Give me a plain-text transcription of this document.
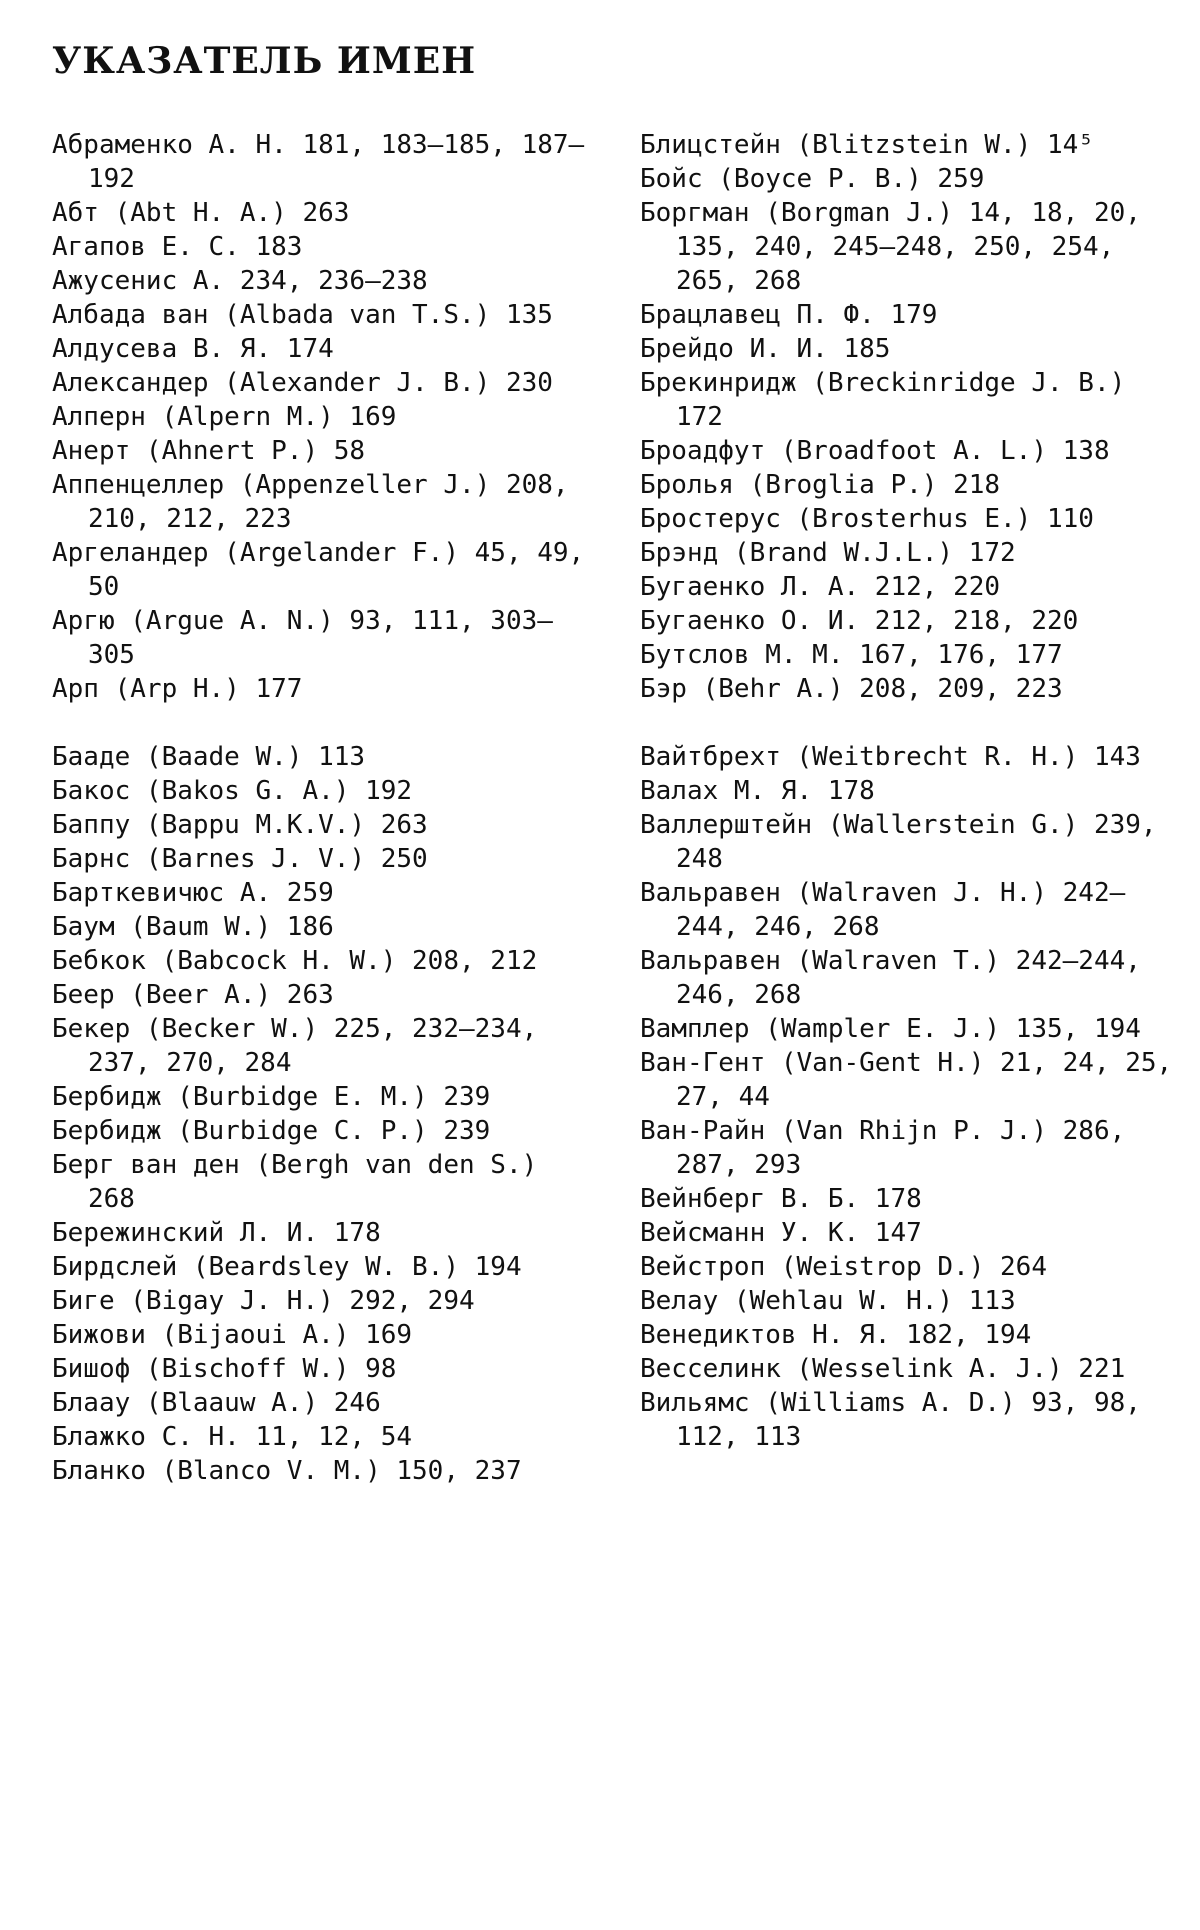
УКАЗАТЕЛЬ ИМЕН
Абраменко А. Н. 181, 183—185, 187—192
Абт (Abt H. A.) 263
Агапов Е. С. 183
Ажусенис А. 234, 236—238
Албада ван (Albada van T.S.) 135
Алдусева В. Я. 174
Александер (Alexander J. B.) 230
Алперн (Alpern M.) 169
Анерт (Ahnert P.) 58
Аппенцеллер (Appenzeller J.) 208, 210, 212, 223
Аргеландер (Argelander F.) 45, 49, 50
Аргю (Argue A. N.) 93, 111, 303—305
Арп (Arp H.) 177
Бааде (Baade W.) 113
Бакос (Bakos G. A.) 192
Баппу (Bappu M.K.V.) 263
Барнс (Barnes J. V.) 250
Барткевичюс А. 259
Баум (Baum W.) 186
Бебкок (Babcock H. W.) 208, 212
Беер (Beer A.) 263
Бекер (Becker W.) 225, 232—234, 237, 270, 284
Бербидж (Burbidge E. M.) 239
Бербидж (Burbidge C. P.) 239
Берг ван ден (Bergh van den S.) 268
Бережинский Л. И. 178
Бирдслей (Beardsley W. B.) 194
Биге (Bigay J. H.) 292, 294
Бижови (Bijaoui A.) 169
Бишоф (Bischoff W.) 98
Блаау (Blaauw A.) 246
Блажко С. Н. 11, 12, 54
Бланко (Blanco V. M.) 150, 237
Блицстейн (Blitzstein W.) 14⁵
Бойс (Boyce P. B.) 259
Боргман (Borgman J.) 14, 18, 20, 135, 240, 245—248, 250, 254, 265, 268
Брацлавец П. Ф. 179
Брейдо И. И. 185
Брекинридж (Breckinridge J. B.) 172
Броадфут (Broadfoot A. L.) 138
Бролья (Broglia P.) 218
Бростерус (Brosterhus E.) 110
Брэнд (Brand W.J.L.) 172
Бугаенко Л. А. 212, 220
Бугаенко О. И. 212, 218, 220
Бутслов М. М. 167, 176, 177
Бэр (Behr A.) 208, 209, 223
Вайтбрехт (Weitbrecht R. H.) 143
Валах М. Я. 178
Валлерштейн (Wallerstein G.) 239, 248
Вальравен (Walraven J. H.) 242—244, 246, 268
Вальравен (Walraven T.) 242—244, 246, 268
Вамплер (Wampler E. J.) 135, 194
Ван-Гент (Van-Gent H.) 21, 24, 25, 27, 44
Ван-Райн (Van Rhijn P. J.) 286, 287, 293
Вейнберг В. Б. 178
Вейсманн У. К. 147
Вейстроп (Weistrop D.) 264
Велау (Wehlau W. H.) 113
Венедиктов Н. Я. 182, 194
Весселинк (Wesselink A. J.) 221
Вильямс (Williams A. D.) 93, 98, 112, 113
